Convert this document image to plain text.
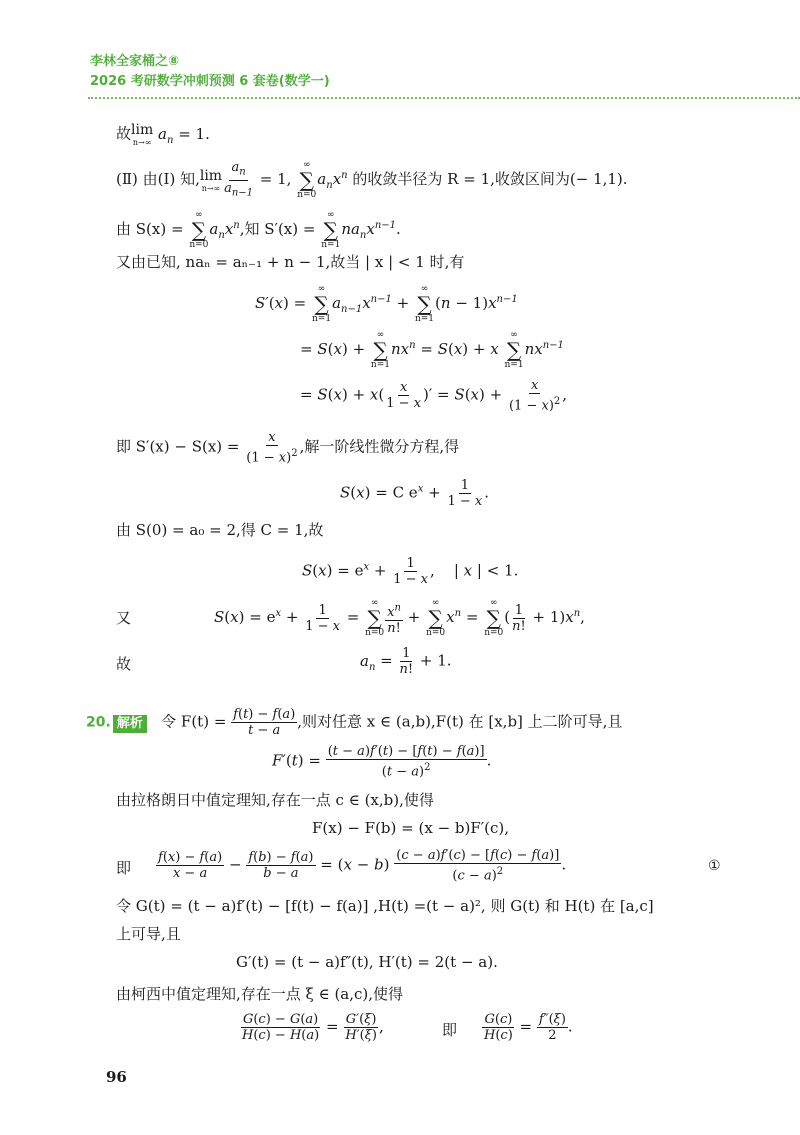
李林全家桶之⑧
2026 考研数学冲刺预测 6 套卷(数学一)
故 lim
n→∞ $a_n = 1$.
(Ⅱ) 由(Ⅰ) 知, lim
$n\to\infty \frac{a_n}{a_{n-1}} = 1$,
∞
∑
n=0
$a_nx^n$ 的收敛半径为 R = 1,收敛区间为(− 1,1).
由 S(x) =
∞
∑
n=0
$a_nx^n$,知 S′(x) =
∞
∑
n=1
$na_nx^{n-1}$.
又由已知, naₙ = aₙ₋₁ + n − 1,故当 | x | < 1 时,有
S′(x) =
∞
∑
n=1
$a_{n-1}x^{n-1}$ +
∞
∑
n=1
$(n - 1)x^{n-1}$
= S(x) +
∞
∑
n=1
$nx^n = S(x) + x$
∞
∑
n=1
$nx^{n-1}$
= $S(x) + x( \frac{x}{1 - x}$ )′ = $S(x) + \frac{x}{(1 - x)^2}$ ,
即 $S'(x) - S(x) = \frac{x}{(1 - x)^2}$ ,解一阶线性微分方程,得
S(x) = C $e^x + \frac{1}{1 - x}$ .
由 S(0) = a₀ = 2,得 C = 1,故
$S(x) = e^x + \frac{1}{1 - x}$ ,    | x | < 1.
又	$S(x) = e^x + \frac{1}{1 - x}$ =
∞
∑
$n=0 \frac{x^n}{n!}$ +
∞
∑
n=0
$x^n$ =
∞
∑
n=0
( $\frac{1}{n!} + 1)x^n$,
故	$a_n = \frac{1}{n!} + 1$.
20. 解析 令 $F(t) = \frac{f(t) - f(a)}{t - a}$ ,则对任意 x ∈ (a,b),F(t) 在 [x,b] 上二阶可导,且
$F'(t) = \frac{(t - a)f'(t) - [f(t) - f(a)]}{(t - a)^2}$ .
由拉格朗日中值定理知,存在一点 c ∈ (x,b),使得
F(x) − F(b) = (x − b)F′(c),
即 $\frac{f(x) - f(a)}{x - a} - \frac{f(b) - f(a)}{b - a} = (x - b) \frac{(c - a)f'(c) - [f(c) - f(a)]}{(c - a)^2}$ .	①
令 G(t) = (t − a)f′(t) − [f(t) − f(a)] ,H(t) =(t − a)², 则 G(t) 和 H(t) 在 [a,c]
上可导,且
G′(t) = (t − a)f″(t), H′(t) = 2(t − a).
由柯西中值定理知,存在一点 ξ ∈ (a,c),使得
$\frac{G(c) - G(a)}{H(c) - H(a)} = \frac{G'(\xi)}{H'(\xi)}$ ,	即 $\frac{G(c)}{H(c)} = \frac{f''(\xi)}{2}$ .
96
